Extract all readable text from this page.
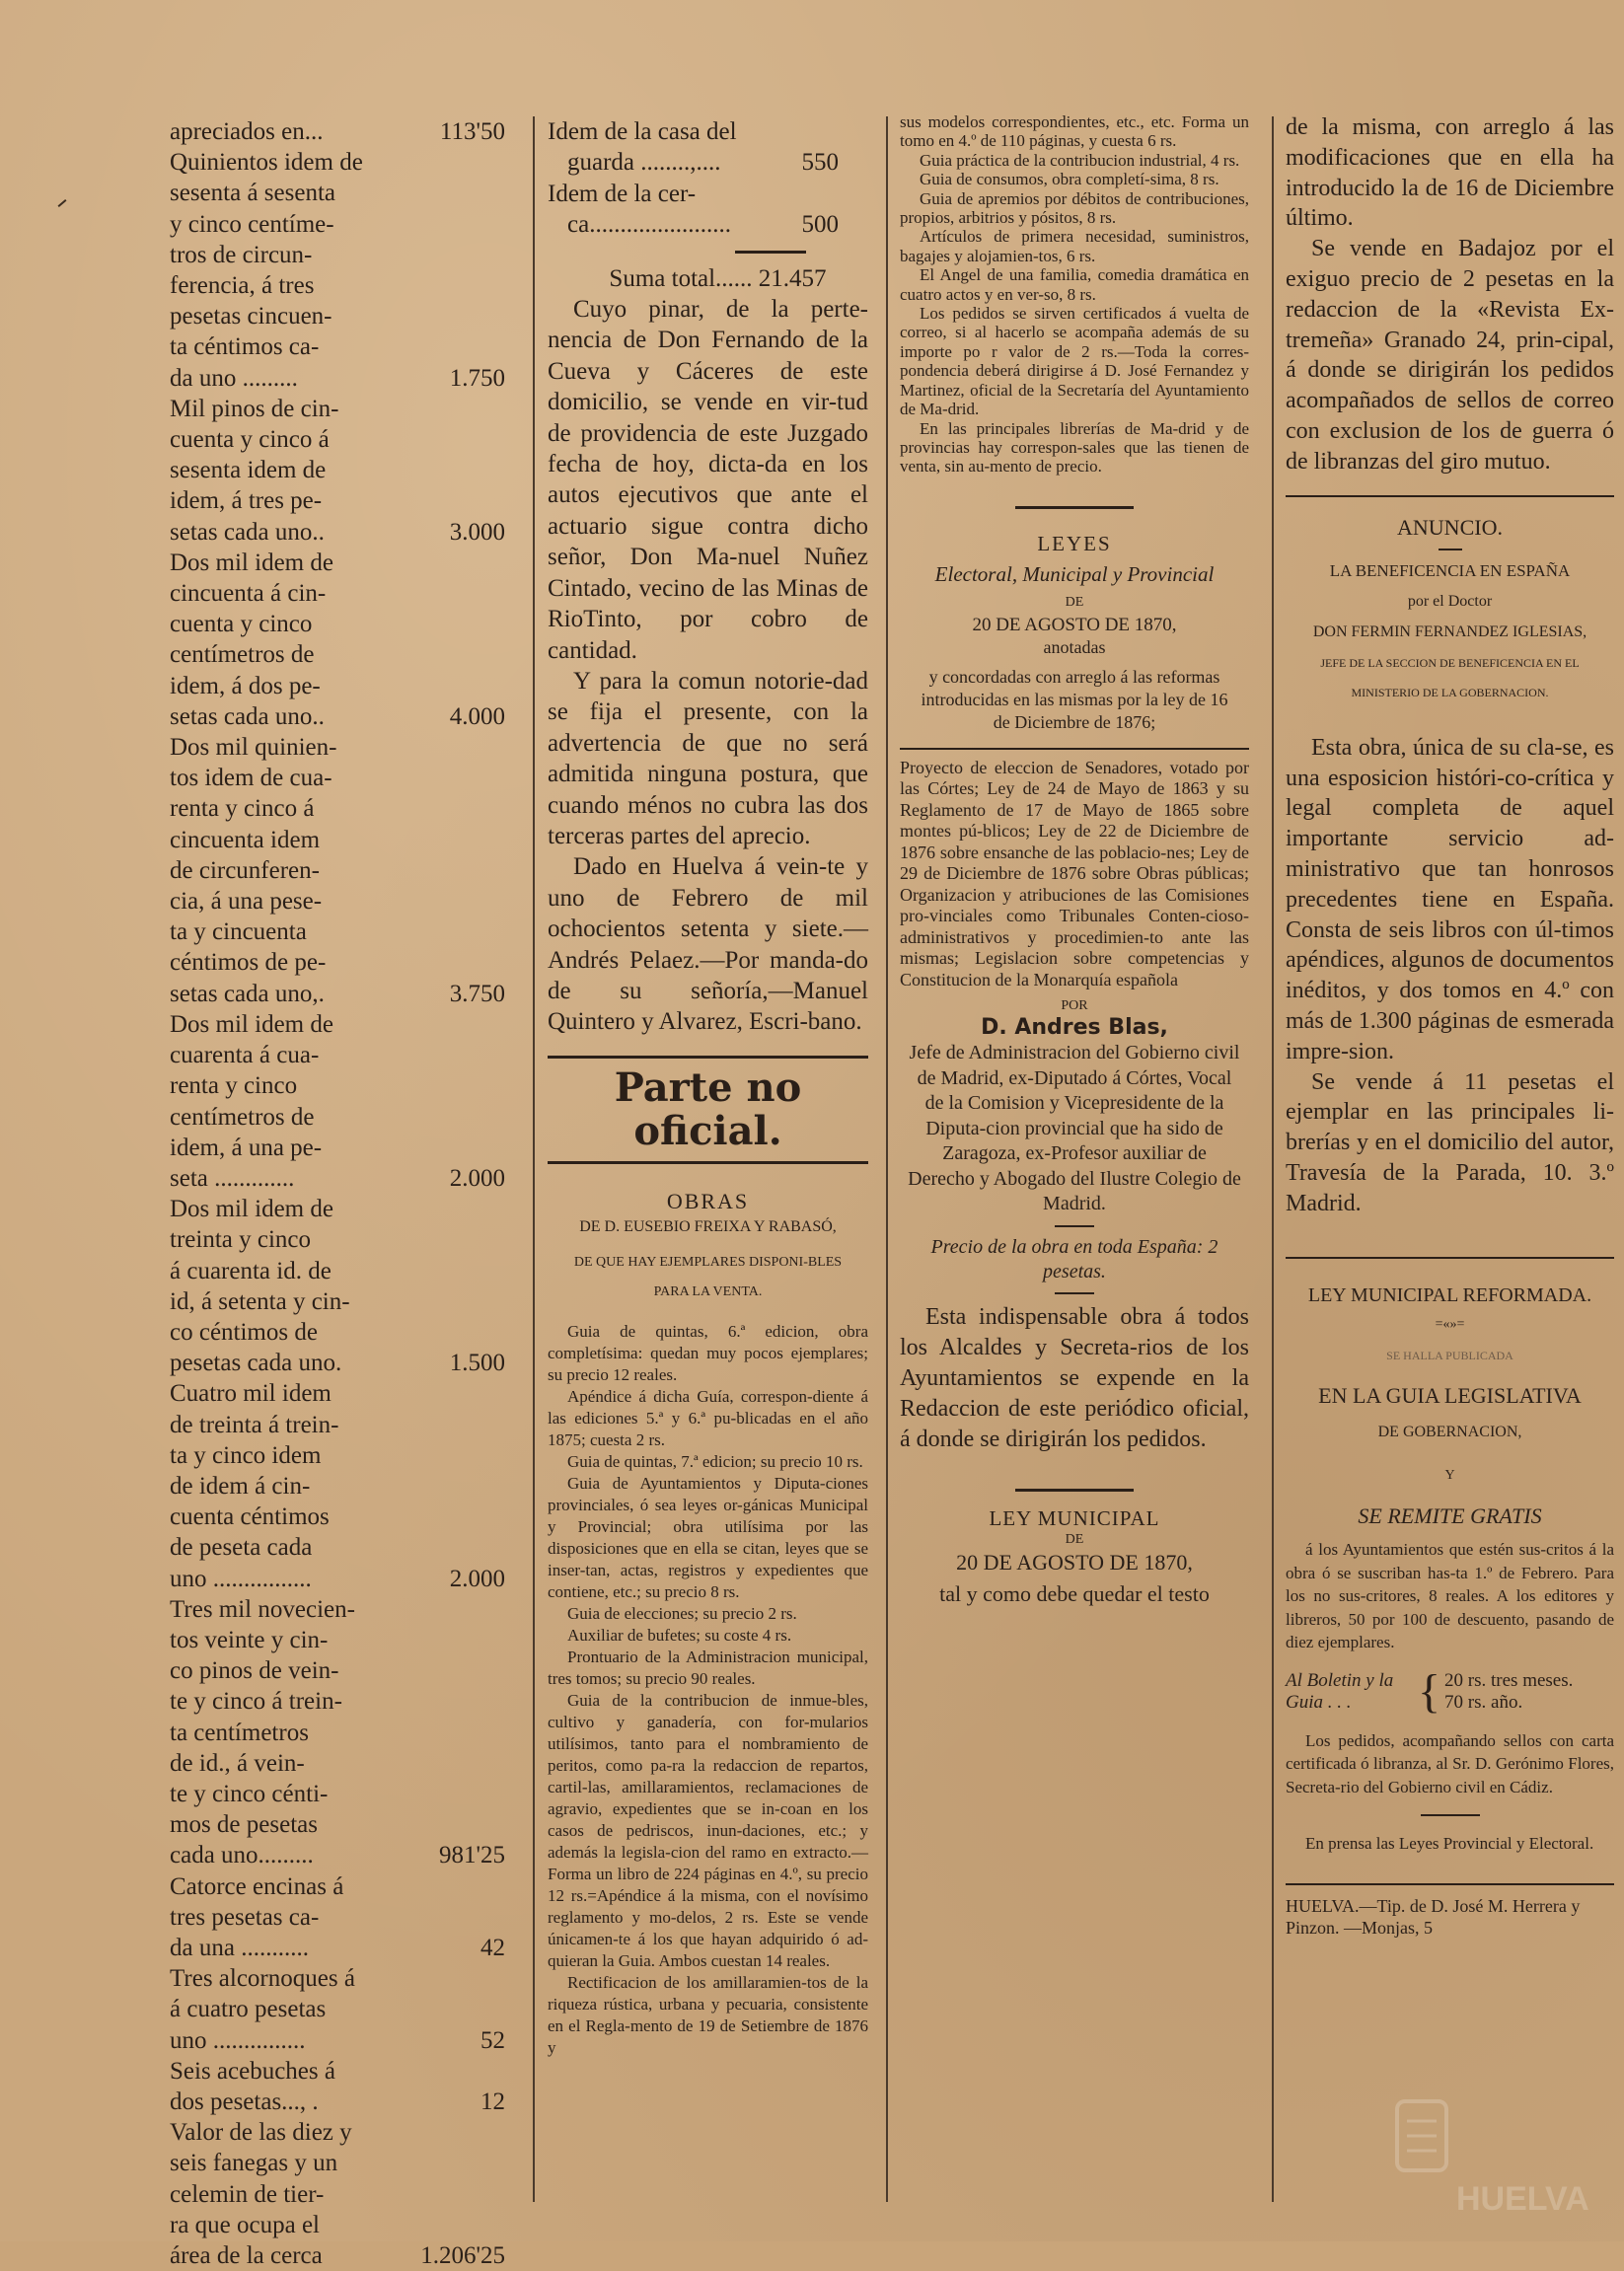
apreciados en...	113'50
Quinientos idem de
sesenta á sesenta
y cinco centíme-
tros de circun-
ferencia, á tres
pesetas cincuen-
ta céntimos ca-
da uno .........	1.750
Mil pinos de cin-
cuenta y cinco á
sesenta idem de
idem, á tres pe-
setas cada uno..	3.000
Dos mil idem de
cincuenta á cin-
cuenta y cinco
centímetros de
idem, á dos pe-
setas cada uno..	4.000
Dos mil quinien-
tos idem de cua-
renta y cinco á
cincuenta idem
de circunferen-
cia, á una pese-
ta y cincuenta
céntimos de pe-
setas cada uno,.	3.750
Dos mil idem de
cuarenta á cua-
renta y cinco
centímetros de
idem, á una pe-
seta .............	2.000
Dos mil idem de
treinta y cinco
á cuarenta id. de
id, á setenta y cin-
co céntimos de
pesetas cada uno.	1.500
Cuatro mil idem
de treinta á trein-
ta y cinco idem
de idem á cin-
cuenta céntimos
de peseta cada
uno ................	2.000
Tres mil novecien-
tos veinte y cin-
co pinos de vein-
te y cinco á trein-
ta centímetros
de id., á vein-
te y cinco cénti-
mos de pesetas
cada uno.........	981'25
Catorce encinas á
tres pesetas ca-
da una ...........	42
Tres alcornoques á
á cuatro pesetas
uno ...............	52
Seis acebuches á
dos pesetas..., .	12
Valor de las diez y
seis fanegas y un
celemin de tier-
ra que ocupa el
área de la cerca	1.206'25
Idem de la casa del
guarda ........,....	550
Idem de la cer-
ca.......................	500
Suma total...... 21.457
Cuyo pinar, de la perte-nencia de Don Fernando de la Cueva y Cáceres de este domicilio, se vende en vir-tud de providencia de este Juzgado fecha de hoy, dicta-da en los autos ejecutivos que ante el actuario sigue contra dicho señor, Don Ma-nuel Nuñez Cintado, vecino de las Minas de RioTinto, por cobro de cantidad.
Y para la comun notorie-dad se fija el presente, con la advertencia de que no será admitida ninguna postura, que cuando ménos no cubra las dos terceras partes del aprecio.
Dado en Huelva á vein-te y uno de Febrero de mil ochocientos setenta y siete.—Andrés Pelaez.—Por manda-do de su señoría,—Manuel Quintero y Alvarez, Escri-bano.
Parte no oficial.
OBRAS
DE D. EUSEBIO FREIXA Y RABASÓ,
DE QUE HAY EJEMPLARES DISPONI-BLES PARA LA VENTA.
Guia de quintas, 6.ª edicion, obra completísima: quedan muy pocos ejemplares; su precio 12 reales.
Apéndice á dicha Guía, correspon-diente á las ediciones 5.ª y 6.ª pu-blicadas en el año 1875; cuesta 2 rs.
Guia de quintas, 7.ª edicion; su precio 10 rs.
Guia de Ayuntamientos y Diputa-ciones provinciales, ó sea leyes or-gánicas Municipal y Provincial; obra utilísima por las disposiciones que en ella se citan, leyes que se inser-tan, actas, registros y expedientes que contiene, etc.; su precio 8 rs.
Guia de elecciones; su precio 2 rs.
Auxiliar de bufetes; su coste 4 rs.
Prontuario de la Administracion municipal, tres tomos; su precio 90 reales.
Guia de la contribucion de inmue-bles, cultivo y ganadería, con for-mularios utilísimos, tanto para el nombramiento de peritos, como pa-ra la redaccion de repartos, cartil-las, amillaramientos, reclamaciones de agravio, expedientes que se in-coan en los casos de pedriscos, inun-daciones, etc.; y además la legisla-cion del ramo en extracto.—Forma un libro de 224 páginas en 4.º, su precio 12 rs.=Apéndice á la misma, con el novísimo reglamento y mo-delos, 2 rs. Este se vende únicamen-te á los que hayan adquirido ó ad-quieran la Guia. Ambos cuestan 14 reales.
Rectificacion de los amillaramien-tos de la riqueza rústica, urbana y pecuaria, consistente en el Regla-mento de 19 de Setiembre de 1876 y
sus modelos correspondientes, etc., etc. Forma un tomo en 4.º de 110 páginas, y cuesta 6 rs.
Guia práctica de la contribucion industrial, 4 rs.
Guia de consumos, obra completí-sima, 8 rs.
Guia de apremios por débitos de contribuciones, propios, arbitrios y pósitos, 8 rs.
Artículos de primera necesidad, suministros, bagajes y alojamien-tos, 6 rs.
El Angel de una familia, comedia dramática en cuatro actos y en ver-so, 8 rs.
Los pedidos se sirven certificados á vuelta de correo, si al hacerlo se acompaña además de su importe po r valor de 2 rs.—Toda la corres-pondencia deberá dirigirse á D. José Fernandez y Martinez, oficial de la Secretaría del Ayuntamiento de Ma-drid.
En las principales librerías de Ma-drid y de provincias hay correspon-sales que las tienen de venta, sin au-mento de precio.
LEYES
Electoral, Municipal y Provincial
DE
20 DE AGOSTO DE 1870,
anotadas
y concordadas con arreglo á las reformas introducidas en las mismas por la ley de 16 de Diciembre de 1876;
Proyecto de eleccion de Senadores, votado por las Córtes; Ley de 24 de Mayo de 1863 y su Reglamento de 17 de Mayo de 1865 sobre montes pú-blicos; Ley de 22 de Diciembre de 1876 sobre ensanche de las poblacio-nes; Ley de 29 de Diciembre de 1876 sobre Obras públicas; Organizacion y atribuciones de las Comisiones pro-vinciales como Tribunales Conten-cioso-administrativos y procedimien-to ante las mismas; Legislacion sobre competencias y Constitucion de la Monarquía española
POR
D. Andres Blas,
Jefe de Administracion del Gobierno civil de Madrid, ex-Diputado á Córtes, Vocal de la Comision y Vicepresidente de la Diputa-cion provincial que ha sido de Zaragoza, ex-Profesor auxiliar de Derecho y Abogado del Ilustre Colegio de Madrid.
Precio de la obra en toda España: 2 pesetas.
Esta indispensable obra á todos los Alcaldes y Secreta-rios de los Ayuntamientos se expende en la Redaccion de este periódico oficial, á donde se dirigirán los pedidos.
LEY MUNICIPAL
DE
20 DE AGOSTO DE 1870,
tal y como debe quedar el testo
de la misma, con arreglo á las modificaciones que en ella ha introducido la de 16 de Diciembre último.
Se vende en Badajoz por el exiguo precio de 2 pesetas en la redaccion de la «Revista Ex-tremeña» Granado 24, prin-cipal, á donde se dirigirán los pedidos acompañados de sellos de correo con exclusion de los de guerra ó de libranzas del giro mutuo.
ANUNCIO.
LA BENEFICENCIA EN ESPAÑA
por el Doctor
DON FERMIN FERNANDEZ IGLESIAS,
JEFE DE LA SECCION DE BENEFICENCIA EN EL MINISTERIO DE LA GOBERNACION.
Esta obra, única de su cla-se, es una esposicion históri-co-crítica y legal completa de aquel importante servicio ad-ministrativo que tan honrosos precedentes tiene en España. Consta de seis libros con úl-timos apéndices, algunos de documentos inéditos, y dos tomos en 4.º con más de 1.300 páginas de esmerada impre-sion.
Se vende á 11 pesetas el ejemplar en las principales li-brerías y en el domicilio del autor, Travesía de la Parada, 10. 3.º Madrid.
LEY MUNICIPAL REFORMADA.
=«»=
SE HALLA PUBLICADA
EN LA GUIA LEGISLATIVA
DE GOBERNACION,
Y
SE REMITE GRATIS
á los Ayuntamientos que estén sus-critos á la obra ó se suscriban has-ta 1.º de Febrero. Para los no sus-critores, 8 reales. A los editores y libreros, 50 por 100 de descuento, pasando de diez ejemplares.
Al Boletin y la
Guia . . .	{ 20 rs. tres meses.
70 rs. año.
Los pedidos, acompañando sellos con carta certificada ó libranza, al Sr. D. Gerónimo Flores, Secreta-rio del Gobierno civil en Cádiz.
En prensa las Leyes Provincial y Electoral.
HUELVA.—Tip. de D. José M. Herrera y Pinzon. —Monjas, 5
HUELVA
